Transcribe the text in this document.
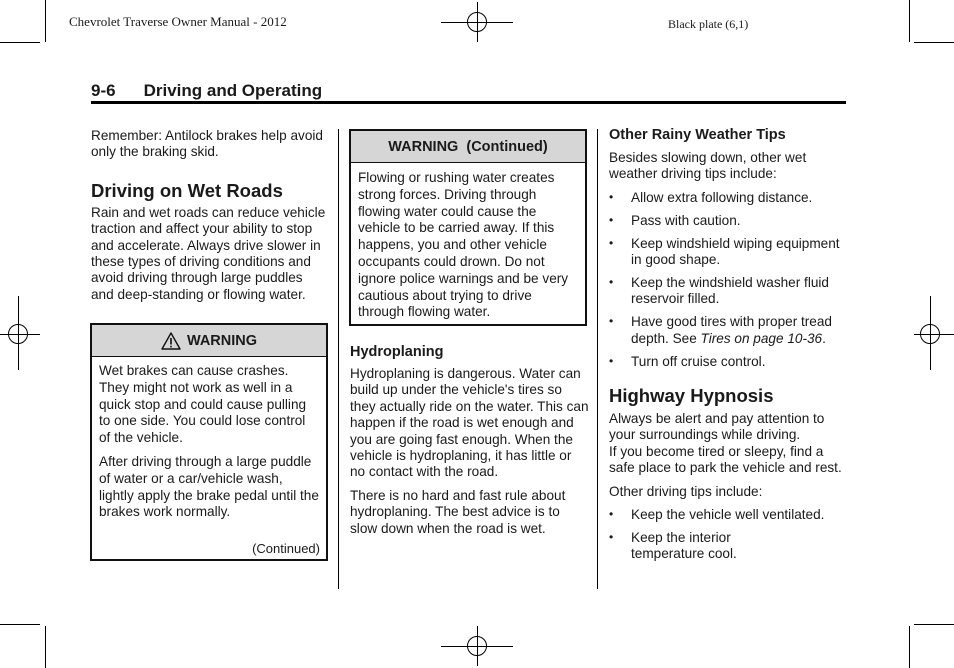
Chevrolet Traverse Owner Manual - 2012	Black plate (6,1)
9-6 Driving and Operating

Remember: Antilock brakes help avoid only the braking skid.

Driving on Wet Roads

Rain and wet roads can reduce vehicle traction and affect your ability to stop and accelerate. Always drive slower in these types of driving conditions and avoid driving through large puddles and deep-standing or flowing water.

WARNING

Wet brakes can cause crashes. They might not work as well in a quick stop and could cause pulling to one side. You could lose control of the vehicle.

After driving through a large puddle of water or a car/vehicle wash, lightly apply the brake pedal until the brakes work normally.

(Continued)
WARNING  (Continued)

Flowing or rushing water creates strong forces. Driving through flowing water could cause the vehicle to be carried away. If this happens, you and other vehicle occupants could drown. Do not ignore police warnings and be very cautious about trying to drive through flowing water.

Hydroplaning

Hydroplaning is dangerous. Water can build up under the vehicle's tires so they actually ride on the water. This can happen if the road is wet enough and you are going fast enough. When the vehicle is hydroplaning, it has little or no contact with the road.

There is no hard and fast rule about hydroplaning. The best advice is to slow down when the road is wet.

Other Rainy Weather Tips

Besides slowing down, other wet weather driving tips include:

• Allow extra following distance.
• Pass with caution.
• Keep windshield wiping equipment in good shape.
• Keep the windshield washer fluid reservoir filled.
• Have good tires with proper tread depth. See Tires on page 10-36.
• Turn off cruise control.
Highway Hypnosis

Always be alert and pay attention to your surroundings while driving.

If you become tired or sleepy, find a safe place to park the vehicle and rest.

Other driving tips include:

• Keep the vehicle well ventilated.
• Keep the interior temperature cool.
